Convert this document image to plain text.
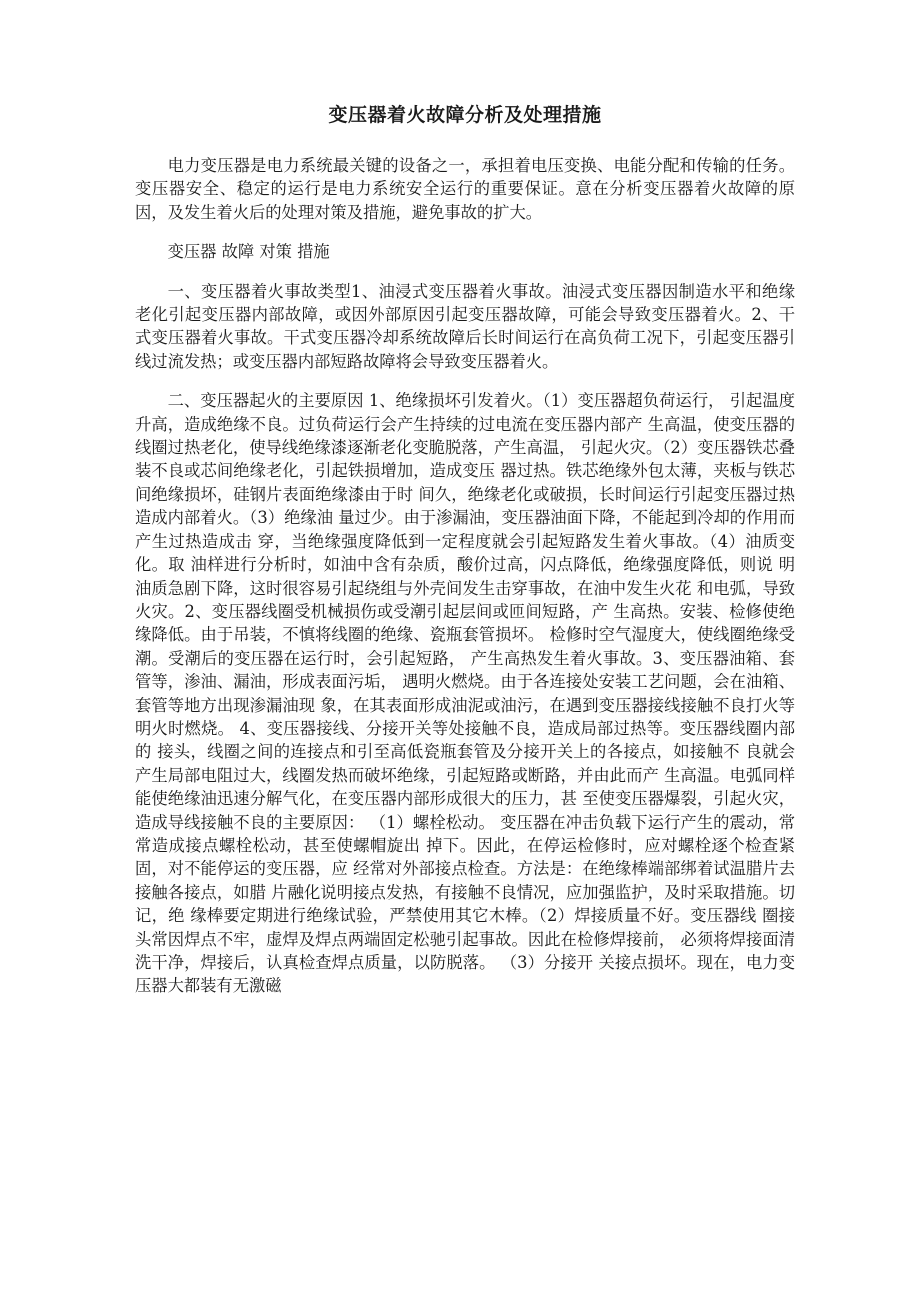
变压器着火故障分析及处理措施

电力变压器是电力系统最关键的设备之一，承担着电压变换、电能分配和传输的任务。变压器安全、稳定的运行是电力系统安全运行的重要保证。意在分析变压器着火故障的原因，及发生着火后的处理对策及措施，避免事故的扩大。

变压器 故障 对策 措施

一、变压器着火事故类型1、油浸式变压器着火事故。油浸式变压器因制造水平和绝缘老化引起变压器内部故障，或因外部原因引起变压器故障，可能会导致变压器着火。2、干式变压器着火事故。干式变压器冷却系统故障后长时间运行在高负荷工况下，引起变压器引线过流发热；或变压器内部短路故障将会导致变压器着火。

二、变压器起火的主要原因 1、绝缘损坏引发着火。（1）变压器超负荷运行， 引起温度升高，造成绝缘不良。过负荷运行会产生持续的过电流在变压器内部产 生高温，使变压器的线圈过热老化，使导线绝缘漆逐渐老化变脆脱落，产生高温， 引起火灾。（2）变压器铁芯叠装不良或芯间绝缘老化，引起铁损增加，造成变压 器过热。铁芯绝缘外包太薄，夹板与铁芯间绝缘损坏，硅钢片表面绝缘漆由于时 间久，绝缘老化或破损，长时间运行引起变压器过热造成内部着火。（3）绝缘油 量过少。由于渗漏油，变压器油面下降，不能起到冷却的作用而产生过热造成击 穿，当绝缘强度降低到一定程度就会引起短路发生着火事故。（4）油质变化。取 油样进行分析时，如油中含有杂质，酸价过高，闪点降低，绝缘强度降低，则说 明油质急剧下降，这时很容易引起绕组与外壳间发生击穿事故，在油中发生火花 和电弧，导致火灾。2、变压器线圈受机械损伤或受潮引起层间或匝间短路，产 生高热。安装、检修使绝缘降低。由于吊装，不慎将线圈的绝缘、瓷瓶套管损坏。 检修时空气湿度大，使线圈绝缘受潮。受潮后的变压器在运行时，会引起短路， 产生高热发生着火事故。3、变压器油箱、套管等，渗油、漏油，形成表面污垢， 遇明火燃烧。由于各连接处安装工艺问题，会在油箱、套管等地方出现渗漏油现 象，在其表面形成油泥或油污，在遇到变压器接线接触不良打火等明火时燃烧。 4、变压器接线、分接开关等处接触不良，造成局部过热等。变压器线圈内部的 接头，线圈之间的连接点和引至高低瓷瓶套管及分接开关上的各接点，如接触不 良就会产生局部电阻过大，线圈发热而破坏绝缘，引起短路或断路，并由此而产 生高温。电弧同样能使绝缘油迅速分解气化，在变压器内部形成很大的压力，甚 至使变压器爆裂，引起火灾，造成导线接触不良的主要原因： （1）螺栓松动。 变压器在冲击负载下运行产生的震动，常常造成接点螺栓松动，甚至使螺帽旋出 掉下。因此，在停运检修时，应对螺栓逐个检查紧固，对不能停运的变压器，应 经常对外部接点检查。方法是：在绝缘棒端部绑着试温腊片去接触各接点，如腊 片融化说明接点发热，有接触不良情况，应加强监护，及时采取措施。切记，绝 缘棒要定期进行绝缘试验，严禁使用其它木棒。（2）焊接质量不好。变压器线 圈接头常因焊点不牢，虚焊及焊点两端固定松驰引起事故。因此在检修焊接前， 必须将焊接面清洗干净，焊接后，认真检查焊点质量，以防脱落。 （3）分接开 关接点损坏。现在，电力变压器大都装有无激磁
